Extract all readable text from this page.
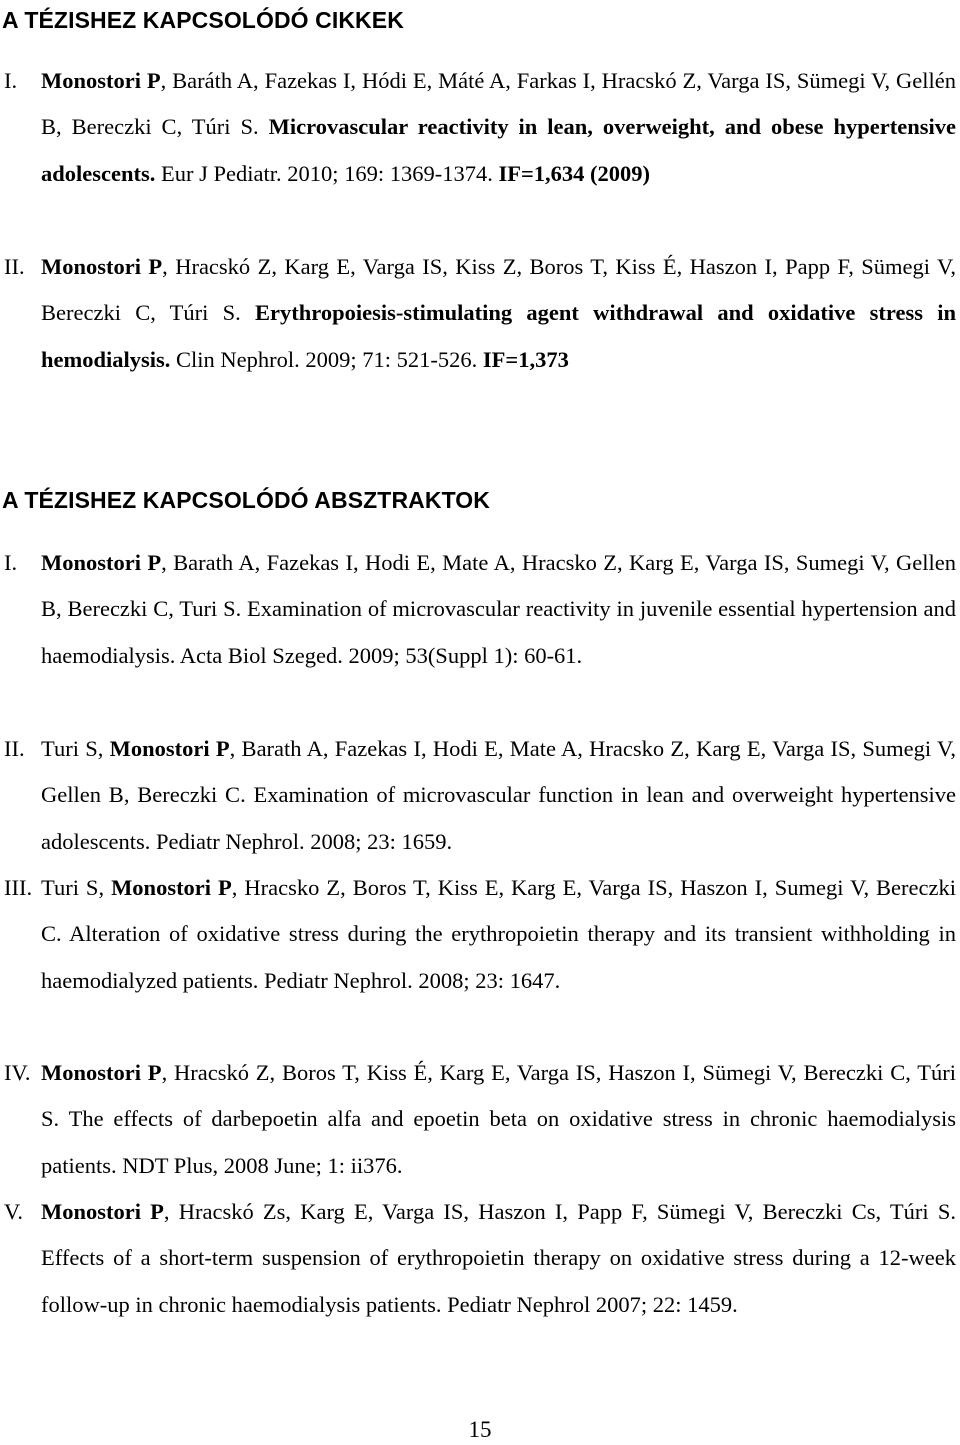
A TÉZISHEZ KAPCSOLÓDÓ CIKKEK
I. Monostori P, Baráth A, Fazekas I, Hódi E, Máté A, Farkas I, Hracskó Z, Varga IS, Sümegi V, Gellén B, Bereczki C, Túri S. Microvascular reactivity in lean, overweight, and obese hypertensive adolescents. Eur J Pediatr. 2010; 169: 1369-1374. IF=1,634 (2009)
II. Monostori P, Hracskó Z, Karg E, Varga IS, Kiss Z, Boros T, Kiss É, Haszon I, Papp F, Sümegi V, Bereczki C, Túri S. Erythropoiesis-stimulating agent withdrawal and oxidative stress in hemodialysis. Clin Nephrol. 2009; 71: 521-526. IF=1,373
A TÉZISHEZ KAPCSOLÓDÓ ABSZTRAKTOK
I. Monostori P, Barath A, Fazekas I, Hodi E, Mate A, Hracsko Z, Karg E, Varga IS, Sumegi V, Gellen B, Bereczki C, Turi S. Examination of microvascular reactivity in juvenile essential hypertension and haemodialysis. Acta Biol Szeged. 2009; 53(Suppl 1): 60-61.
II. Turi S, Monostori P, Barath A, Fazekas I, Hodi E, Mate A, Hracsko Z, Karg E, Varga IS, Sumegi V, Gellen B, Bereczki C. Examination of microvascular function in lean and overweight hypertensive adolescents. Pediatr Nephrol. 2008; 23: 1659.
III. Turi S, Monostori P, Hracsko Z, Boros T, Kiss E, Karg E, Varga IS, Haszon I, Sumegi V, Bereczki C. Alteration of oxidative stress during the erythropoietin therapy and its transient withholding in haemodialyzed patients. Pediatr Nephrol. 2008; 23: 1647.
IV. Monostori P, Hracskó Z, Boros T, Kiss É, Karg E, Varga IS, Haszon I, Sümegi V, Bereczki C, Túri S. The effects of darbepoetin alfa and epoetin beta on oxidative stress in chronic haemodialysis patients. NDT Plus, 2008 June; 1: ii376.
V. Monostori P, Hracskó Zs, Karg E, Varga IS, Haszon I, Papp F, Sümegi V, Bereczki Cs, Túri S. Effects of a short-term suspension of erythropoietin therapy on oxidative stress during a 12-week follow-up in chronic haemodialysis patients. Pediatr Nephrol 2007; 22: 1459.
15
